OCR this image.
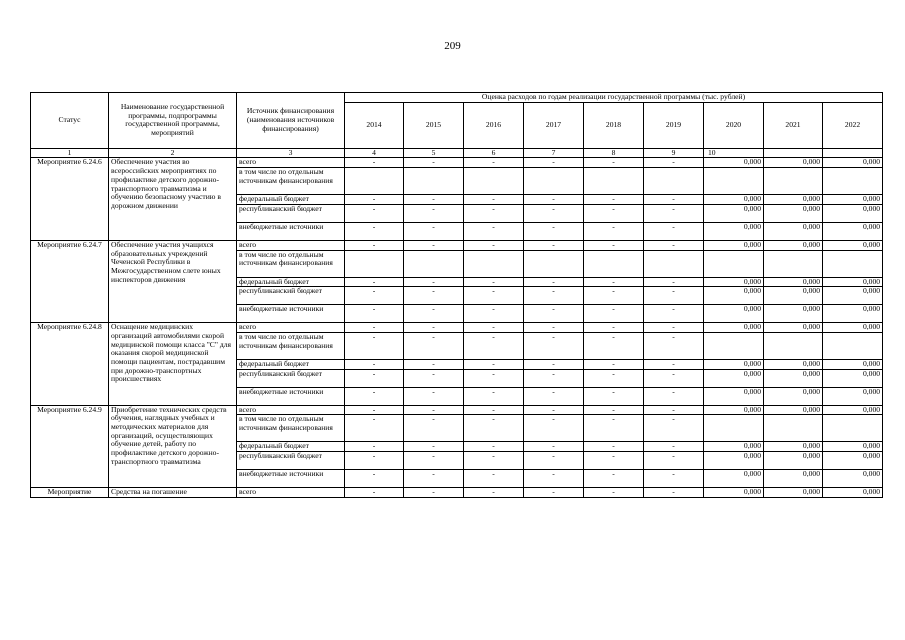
209
Статус	Наименование государственной программы, подпрограммы государственной программы, мероприятий	Источник финансирования (наименования источников финансирования)	Оценка расходов по годам реализации государственной программы (тыс. рублей)								
			2014	2015	2016	2017	2018	2019	2020	2021	2022
1	2	3	4	5	6	7	8	9	10		
Мероприятие 6.24.6	Обеспечение участия во всероссийских мероприятиях по профилактике детского дорожно-транспортного травматизма и обучению безопасному участию в дорожном движении	всего	-	-	-	-	-	-	0,000	0,000	0,000
		в том числе по отдельным источникам финансирования									
		федеральный бюджет	-	-	-	-	-	-	0,000	0,000	0,000
		республиканский бюджет	-	-	-	-	-	-	0,000	0,000	0,000
		внебюджетные источники	-	-	-	-	-	-	0,000	0,000	0,000
Мероприятие 6.24.7	Обеспечение участия учащихся образовательных учреждений Чеченской Республики в Межгосударственном слете юных инспекторов движения	всего	-	-	-	-	-	-	0,000	0,000	0,000
		в том числе по отдельным источникам финансирования									
		федеральный бюджет	-	-	-	-	-	-	0,000	0,000	0,000
		республиканский бюджет	-	-	-	-	-	-	0,000	0,000	0,000
		внебюджетные источники	-	-	-	-	-	-	0,000	0,000	0,000
Мероприятие 6.24.8	Оснащение медицинских организаций автомобилями скорой медицинской помощи класса "С" для оказания скорой медицинской помощи пациентам, пострадавшим при дорожно-транспортных происшествиях	всего	-	-	-	-	-	-	0,000	0,000	0,000
		в том числе по отдельным источникам финансирования	-	-	-	-	-	-			
		федеральный бюджет	-	-	-	-	-	-	0,000	0,000	0,000
		республиканский бюджет	-	-	-	-	-	-	0,000	0,000	0,000
		внебюджетные источники	-	-	-	-	-	-	0,000	0,000	0,000
Мероприятие 6.24.9	Приобретение технических средств обучения, наглядных учебных и методических материалов для организаций, осуществляющих обучение детей, работу по профилактике детского дорожно-транспортного травматизма	всего	-	-	-	-	-	-	0,000	0,000	0,000
		в том числе по отдельным источникам финансирования	-	-	-	-	-	-			
		федеральный бюджет	-	-	-	-	-	-	0,000	0,000	0,000
		республиканский бюджет	-	-	-	-	-	-	0,000	0,000	0,000
		внебюджетные источники	-	-	-	-	-	-	0,000	0,000	0,000
Мероприятие	Средства на погашение	всего	-	-	-	-	-	-	0,000	0,000	0,000
